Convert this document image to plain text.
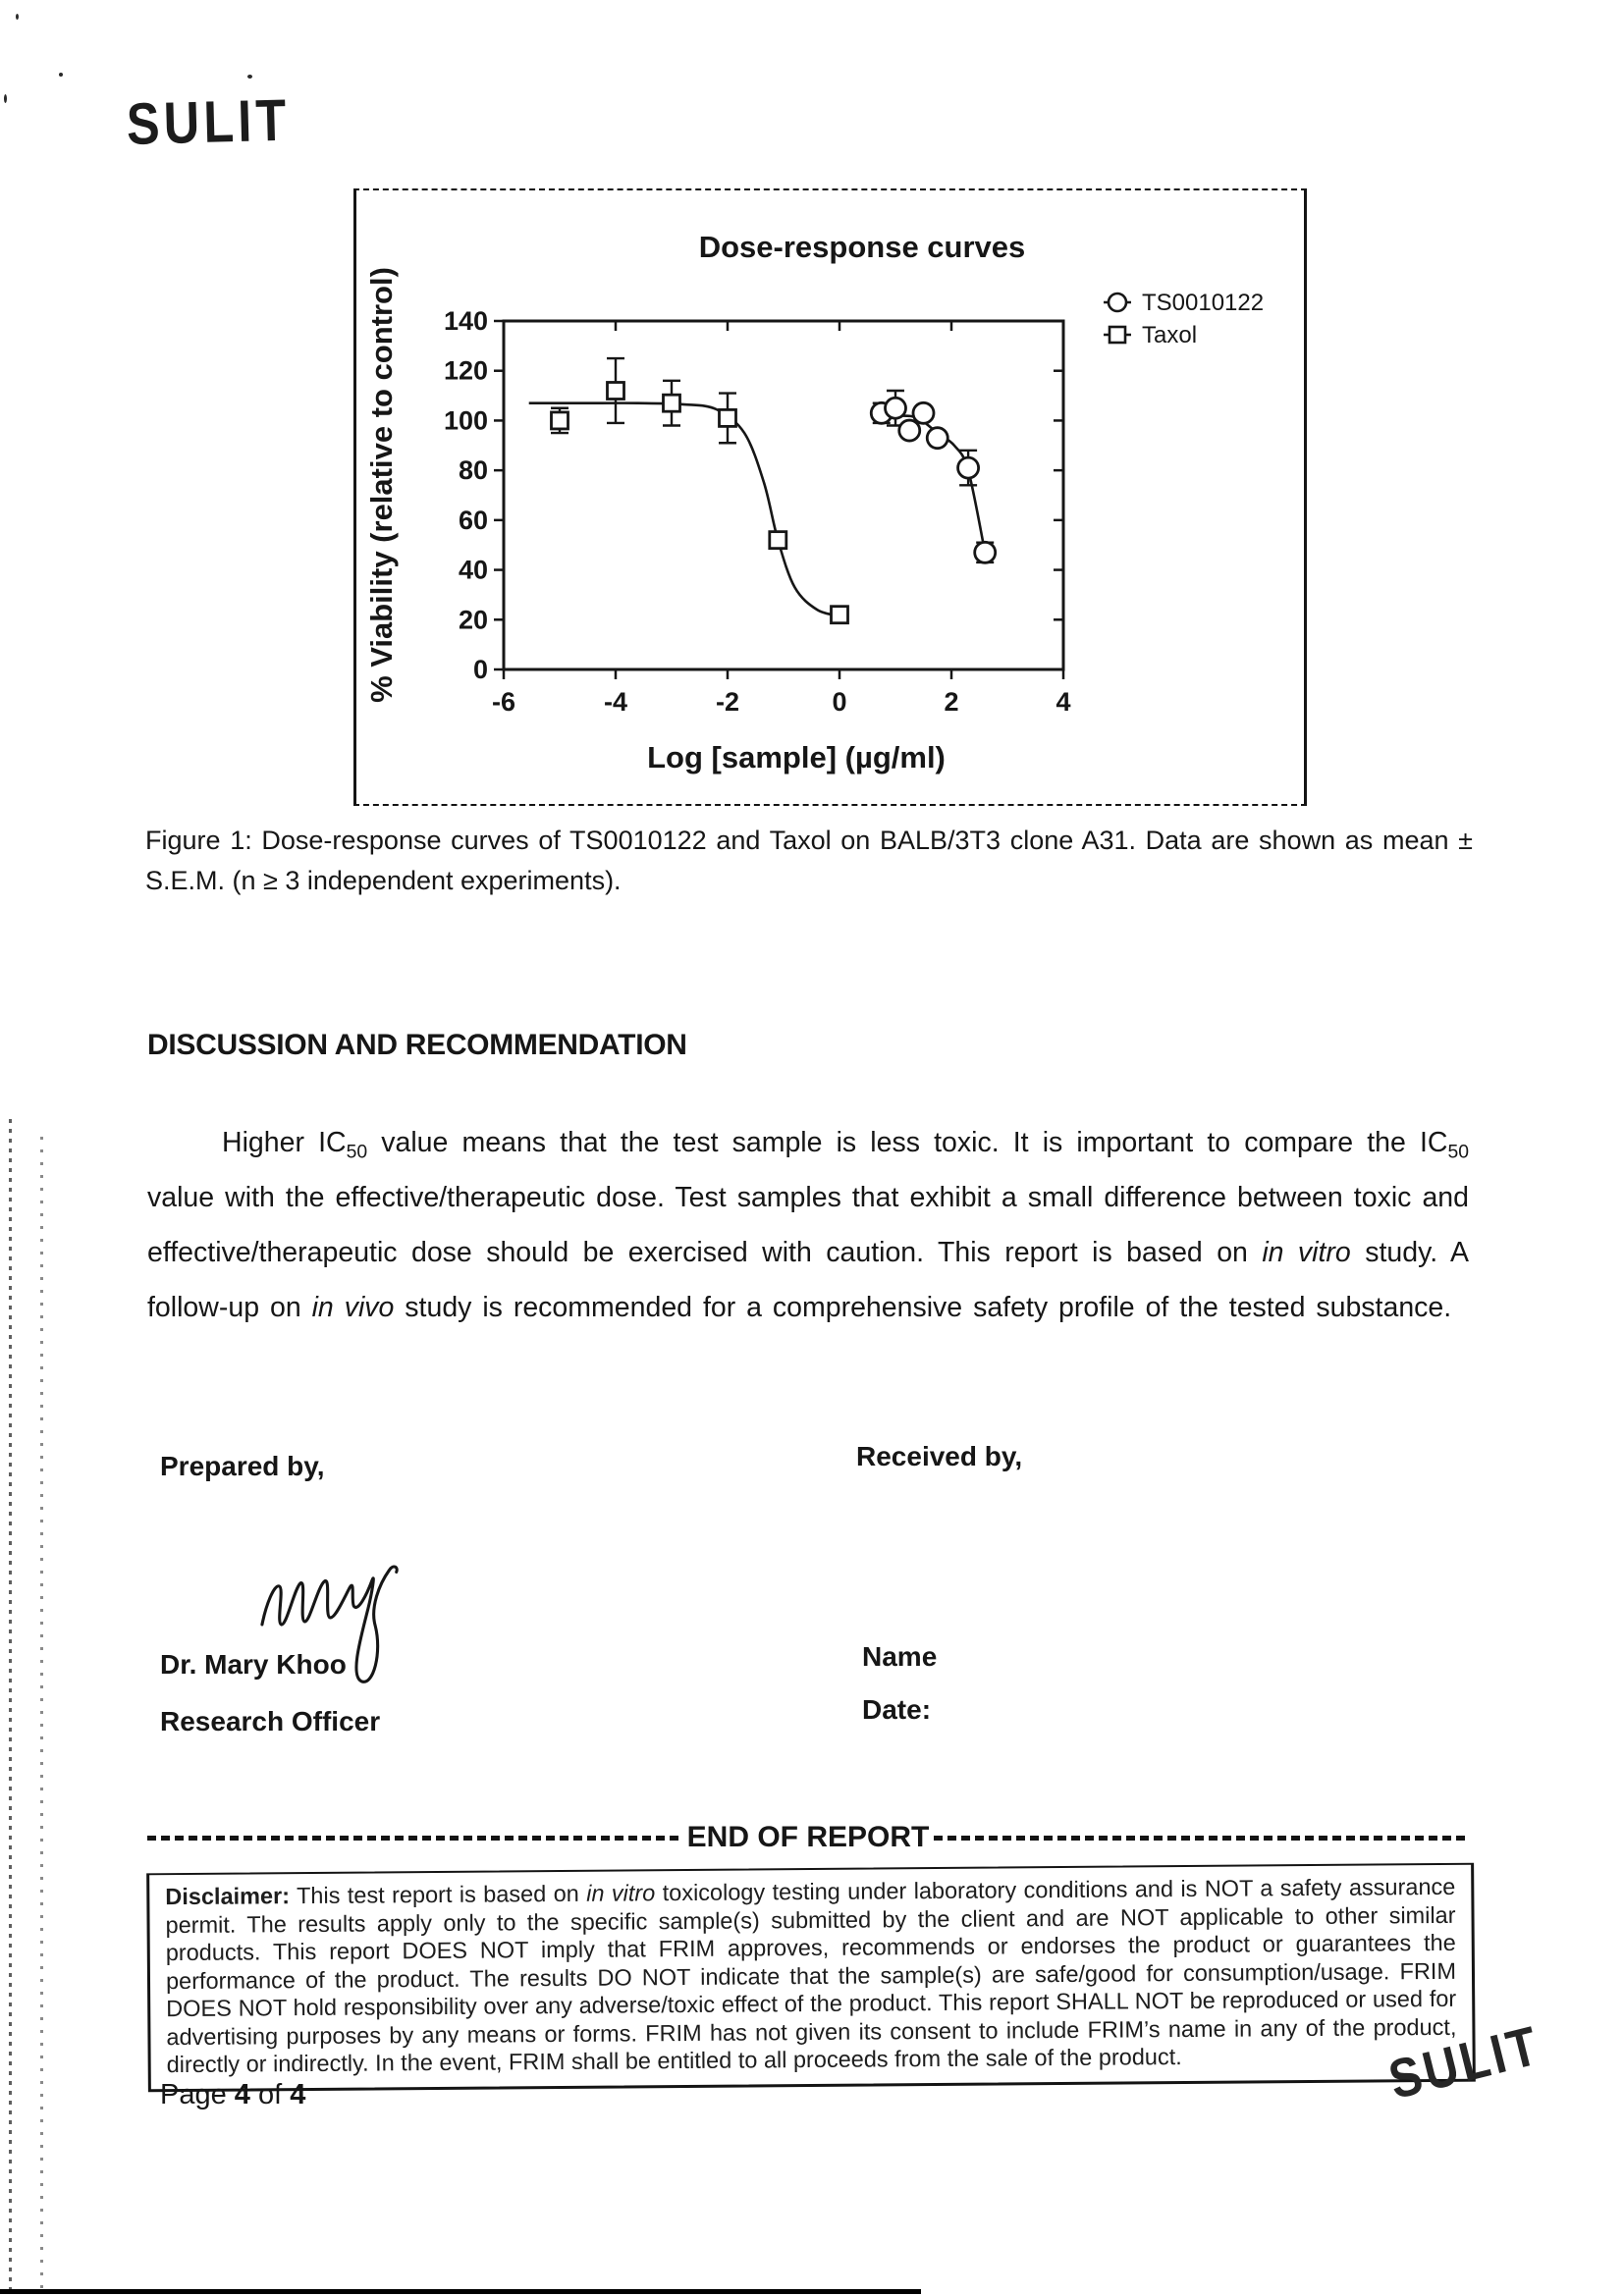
SULIT
-6	-4	-2	0	2	4
0
20
40
60
80
100
120
140
TS0010122
Taxol
Dose-response curves
Log [sample] (µg/ml)
% Viability (relative to control)

Figure 1: Dose-response curves of TS0010122 and Taxol on BALB/3T3 clone A31. Data are shown as mean ± S.E.M. (n ≥ 3 independent experiments).

DISCUSSION AND RECOMMENDATION

Higher $IC_{50}$ value means that the test sample is less toxic. It is important to compare the $IC_{50}$ value with the effective/therapeutic dose. Test samples that exhibit a small difference between toxic and effective/therapeutic dose should be exercised with caution. This report is based on in vitro study. A follow-up on in vivo study is recommended for a comprehensive safety profile of the tested substance.

Prepared by,	Received by,

Dr. Mary Khoo

Research Officer

Name

Date:

END OF REPORT

Disclaimer: This test report is based on in vitro toxicology testing under laboratory conditions and is NOT a safety assurance permit. The results apply only to the specific sample(s) submitted by the client and are NOT applicable to other similar products. This report DOES NOT imply that FRIM approves, recommends or endorses the product or guarantees the performance of the product. The results DO NOT indicate that the sample(s) are safe/good for consumption/usage. FRIM DOES NOT hold responsibility over any adverse/toxic effect of the product. This report SHALL NOT be reproduced or used for advertising purposes by any means or forms. FRIM has not given its consent to include FRIM’s name in any of the product, directly or indirectly. In the event, FRIM shall be entitled to all proceeds from the sale of the product.

Page 4 of 4	SULIT
